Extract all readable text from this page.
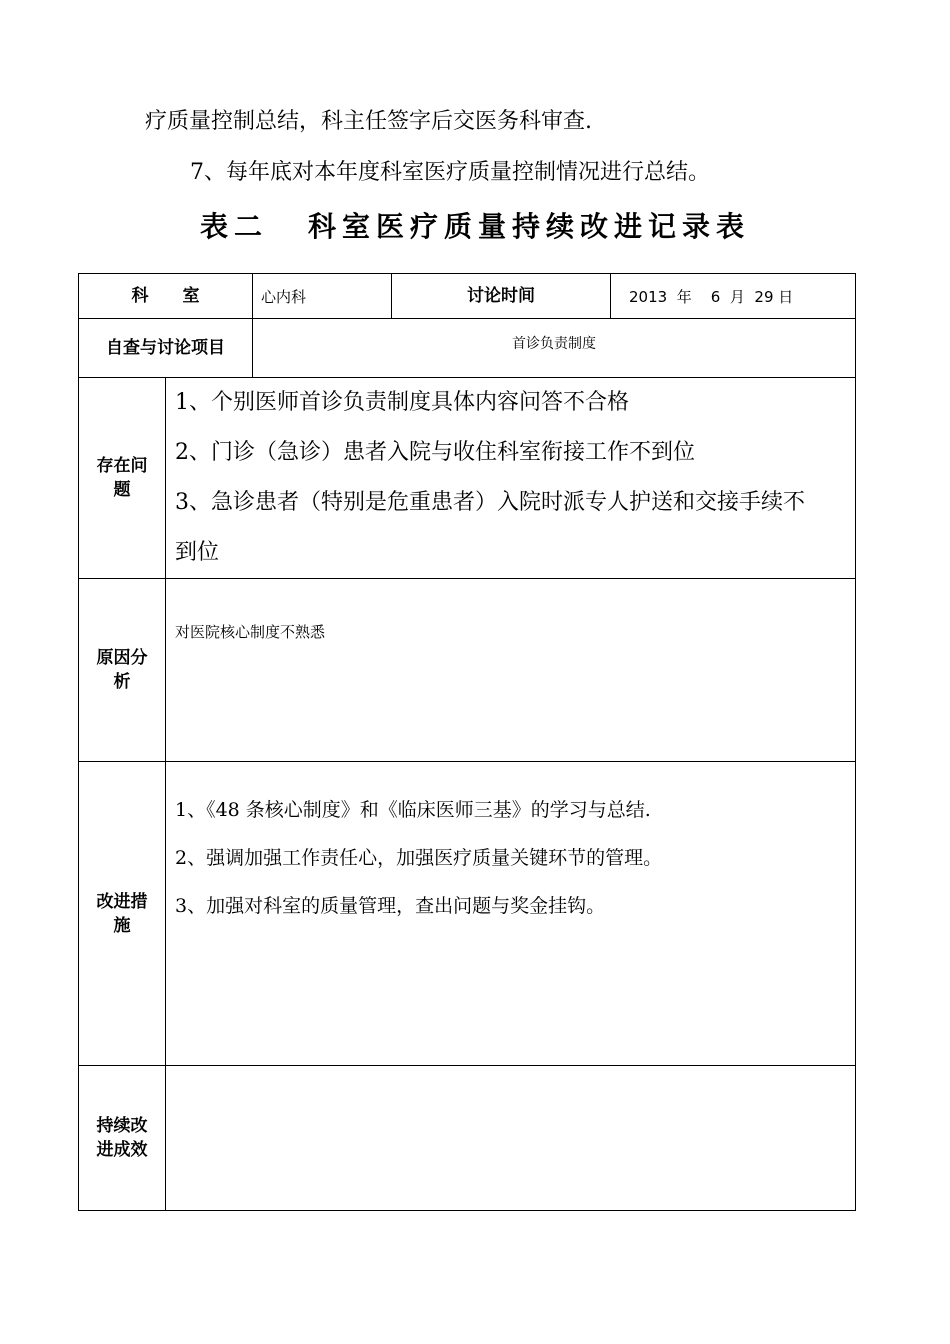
疗质量控制总结，科主任签字后交医务科审查.
7、每年底对本年度科室医疗质量控制情况进行总结。
表二 科室医疗质量持续改进记录表
科　　室		心内科	讨论时间	2013  年    6  月  29 日
自查与讨论项目		首诊负责制度		

存在问题	1、个别医师首诊负责制度具体内容问答不合格
2、门诊（急诊）患者入院与收住科室衔接工作不到位
3、急诊患者（特别是危重患者）入院时派专人护送和交接手续不
到位			

原因分析	对医院核心制度不熟悉			

改进措施	1、《48 条核心制度》和《临床医师三基》的学习与总结.
2、强调加强工作责任心，加强医疗质量关键环节的管理。
3、加强对科室的质量管理，查出问题与奖金挂钩。			

持续改进成效				
